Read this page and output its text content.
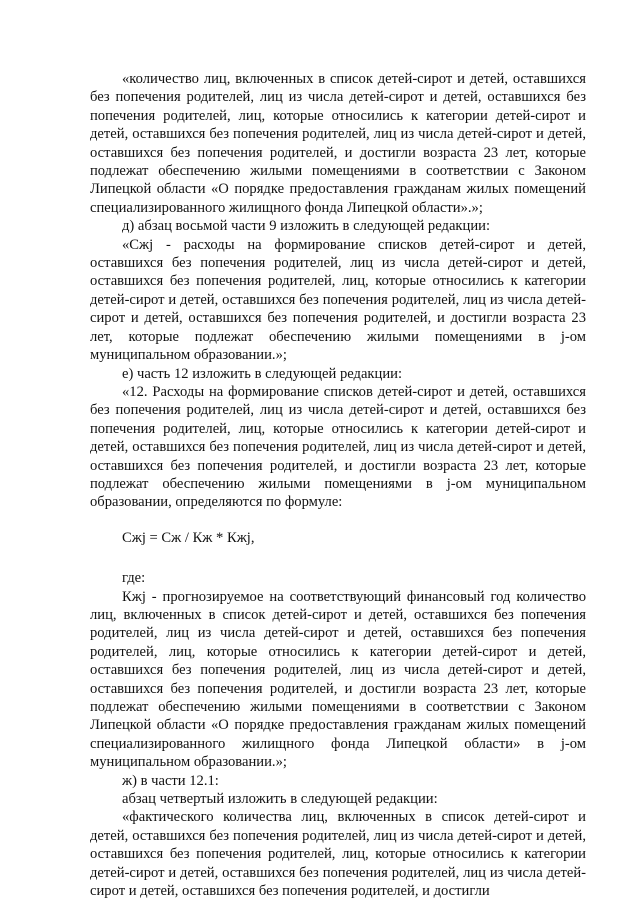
«количество лиц, включенных в список детей-сирот и детей, оставшихся без попечения родителей, лиц из числа детей-сирот и детей, оставшихся без попечения родителей, лиц, которые относились к категории детей-сирот и детей, оставшихся без попечения родителей, лиц из числа детей-сирот и детей, оставшихся без попечения родителей, и достигли возраста 23 лет, которые подлежат обеспечению жилыми помещениями в соответствии с Законом Липецкой области «О порядке предоставления гражданам жилых помещений специализированного жилищного фонда Липецкой области».»;

д) абзац восьмой части 9 изложить в следующей редакции:

«Сжj - расходы на формирование списков детей-сирот и детей, оставшихся без попечения родителей, лиц из числа детей-сирот и детей, оставшихся без попечения родителей, лиц, которые относились к категории детей-сирот и детей, оставшихся без попечения родителей, лиц из числа детей-сирот и детей, оставшихся без попечения родителей, и достигли возраста 23 лет, которые подлежат обеспечению жилыми помещениями в j-ом муниципальном образовании.»;

е) часть 12 изложить в следующей редакции:

«12. Расходы на формирование списков детей-сирот и детей, оставшихся без попечения родителей, лиц из числа детей-сирот и детей, оставшихся без попечения родителей, лиц, которые относились к категории детей-сирот и детей, оставшихся без попечения родителей, лиц из числа детей-сирот и детей, оставшихся без попечения родителей, и достигли возраста 23 лет, которые подлежат обеспечению жилыми помещениями в j-ом муниципальном образовании, определяются по формуле:

Сжj = Сж / Кж * Кжj,

где:

Кжj - прогнозируемое на соответствующий финансовый год количество лиц, включенных в список детей-сирот и детей, оставшихся без попечения родителей, лиц из числа детей-сирот и детей, оставшихся без попечения родителей, лиц, которые относились к категории детей-сирот и детей, оставшихся без попечения родителей, лиц из числа детей-сирот и детей, оставшихся без попечения родителей, и достигли возраста 23 лет, которые подлежат обеспечению жилыми помещениями в соответствии с Законом Липецкой области «О порядке предоставления гражданам жилых помещений специализированного жилищного фонда Липецкой области» в j-ом муниципальном образовании.»;

ж) в части 12.1:

абзац четвертый изложить в следующей редакции:

«фактического количества лиц, включенных в список детей-сирот и детей, оставшихся без попечения родителей, лиц из числа детей-сирот и детей, оставшихся без попечения родителей, лиц, которые относились к категории детей-сирот и детей, оставшихся без попечения родителей, лиц из числа детей-сирот и детей, оставшихся без попечения родителей, и достигли
